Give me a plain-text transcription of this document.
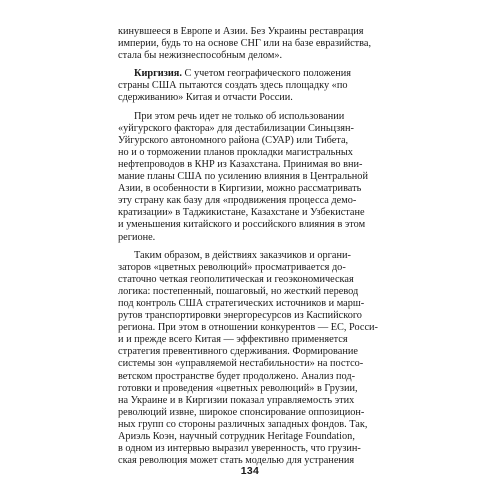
кинувшееся в Европе и Азии. Без Украины реставрация
империи, будь то на основе СНГ или на базе евразийства,
стала бы нежизнеспособным делом».
Киргизия. С учетом географического положения
страны США пытаются создать здесь площадку «по
сдерживанию» Китая и отчасти России.
При этом речь идет не только об использовании
«уйгурского фактора» для дестабилизации Синьцзян-
Уйгурского автономного района (СУАР) или Тибета,
но и о торможении планов прокладки магистральных
нефтепроводов в КНР из Казахстана. Принимая во вни-
мание планы США по усилению влияния в Центральной
Азии, в особенности в Киргизии, можно рассматривать
эту страну как базу для «продвижения процесса демо-
кратизации» в Таджикистане, Казахстане и Узбекистане
и уменьшения китайского и российского влияния в этом
регионе.
Таким образом, в действиях заказчиков и органи-
заторов «цветных революций» просматривается до-
статочно четкая геополитическая и геоэкономическая
логика: постепенный, пошаговый, но жесткий перевод
под контроль США стратегических источников и марш-
рутов транспортировки энергоресурсов из Каспийского
региона. При этом в отношении конкурентов — ЕС, Росси-
и и прежде всего Китая — эффективно применяется
стратегия превентивного сдерживания. Формирование
системы зон «управляемой нестабильности» на постсо-
ветском пространстве будет продолжено. Анализ под-
готовки и проведения «цветных революций» в Грузии,
на Украине и в Киргизии показал управляемость этих
революций извне, широкое спонсирование оппозицион-
ных групп со стороны различных западных фондов. Так,
Ариэль Коэн, научный сотрудник Heritage Foundation,
в одном из интервью выразил уверенность, что грузин-
ская революция может стать моделью для устранения
134
